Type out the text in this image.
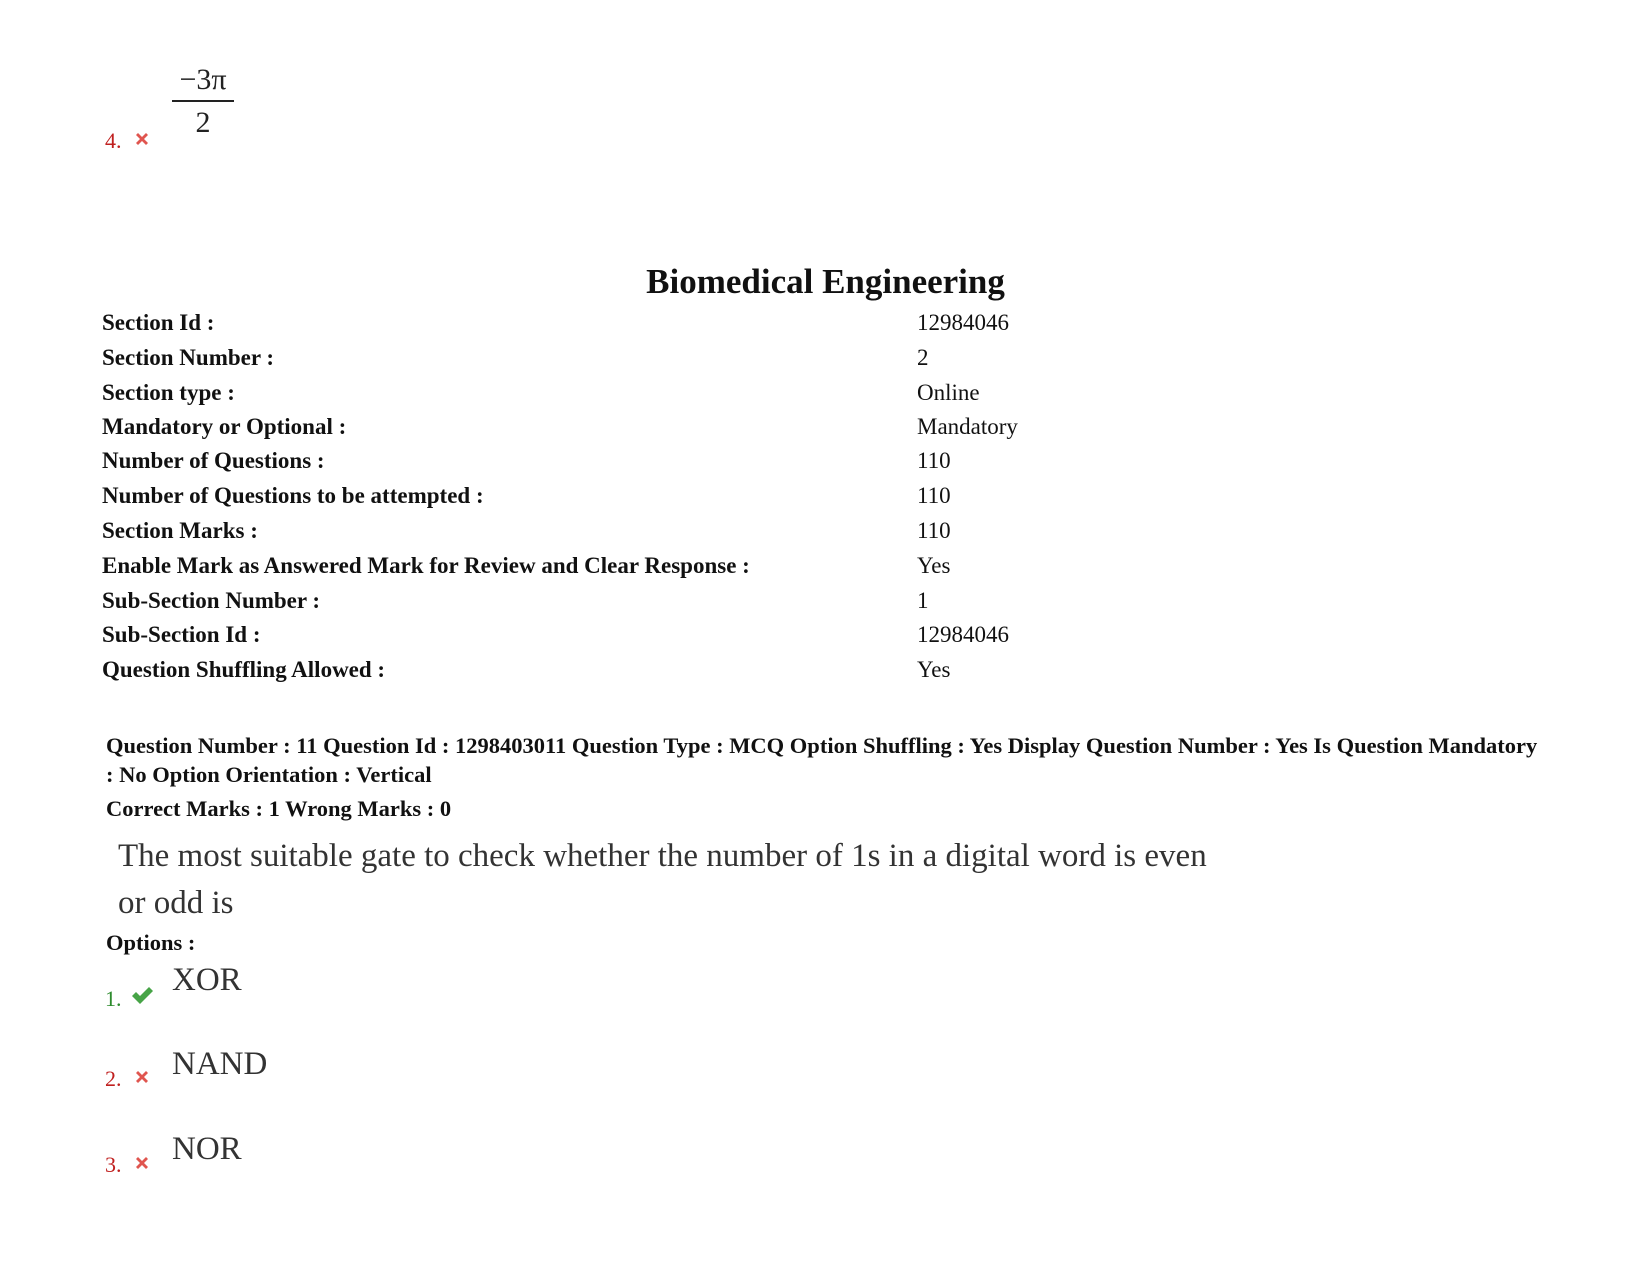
4.
−3π
2
Biomedical Engineering
Section Id :	12984046
Section Number :	2
Section type :	Online
Mandatory or Optional :	Mandatory
Number of Questions :	110
Number of Questions to be attempted :	110
Section Marks :	110
Enable Mark as Answered Mark for Review and Clear Response :	Yes
Sub-Section Number :	1
Sub-Section Id :	12984046
Question Shuffling Allowed :	Yes
Question Number : 11 Question Id : 1298403011 Question Type : MCQ Option Shuffling : Yes Display Question Number : Yes Is Question Mandatory : No Option Orientation : Vertical
Correct Marks : 1 Wrong Marks : 0
The most suitable gate to check whether the number of 1s in a digital word is even
or odd is
Options :
1.
XOR
2. NAND
3. NOR
